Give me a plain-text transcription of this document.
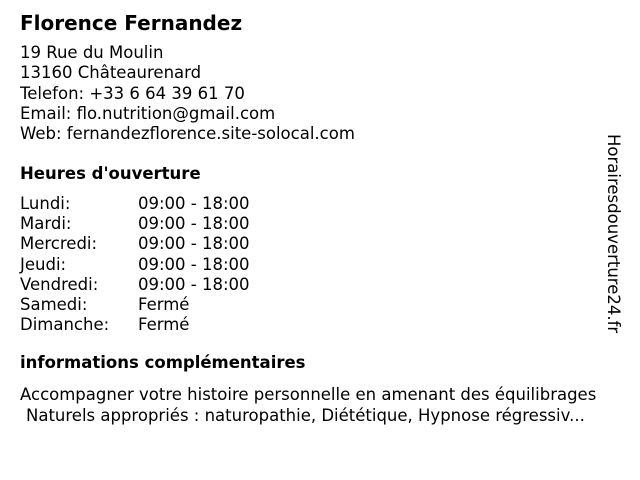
Florence Fernandez
19 Rue du Moulin
13160 Châteaurenard
Telefon: +33 6 64 39 61 70
Email: flo.nutrition@gmail.com
Web: fernandezflorence.site-solocal.com
Heures d'ouverture
Lundi:	09:00 - 18:00
Mardi:	09:00 - 18:00
Mercredi: 09:00 - 18:00
Jeudi:	09:00 - 18:00
Vendredi: 09:00 - 18:00
Samedi:	Fermé
Dimanche: Fermé
informations complémentaires
Accompagner votre histoire personnelle en amenant des équilibrages
Naturels appropriés : naturopathie, Diététique, Hypnose régressiv...
Horairesdouverture24.fr
